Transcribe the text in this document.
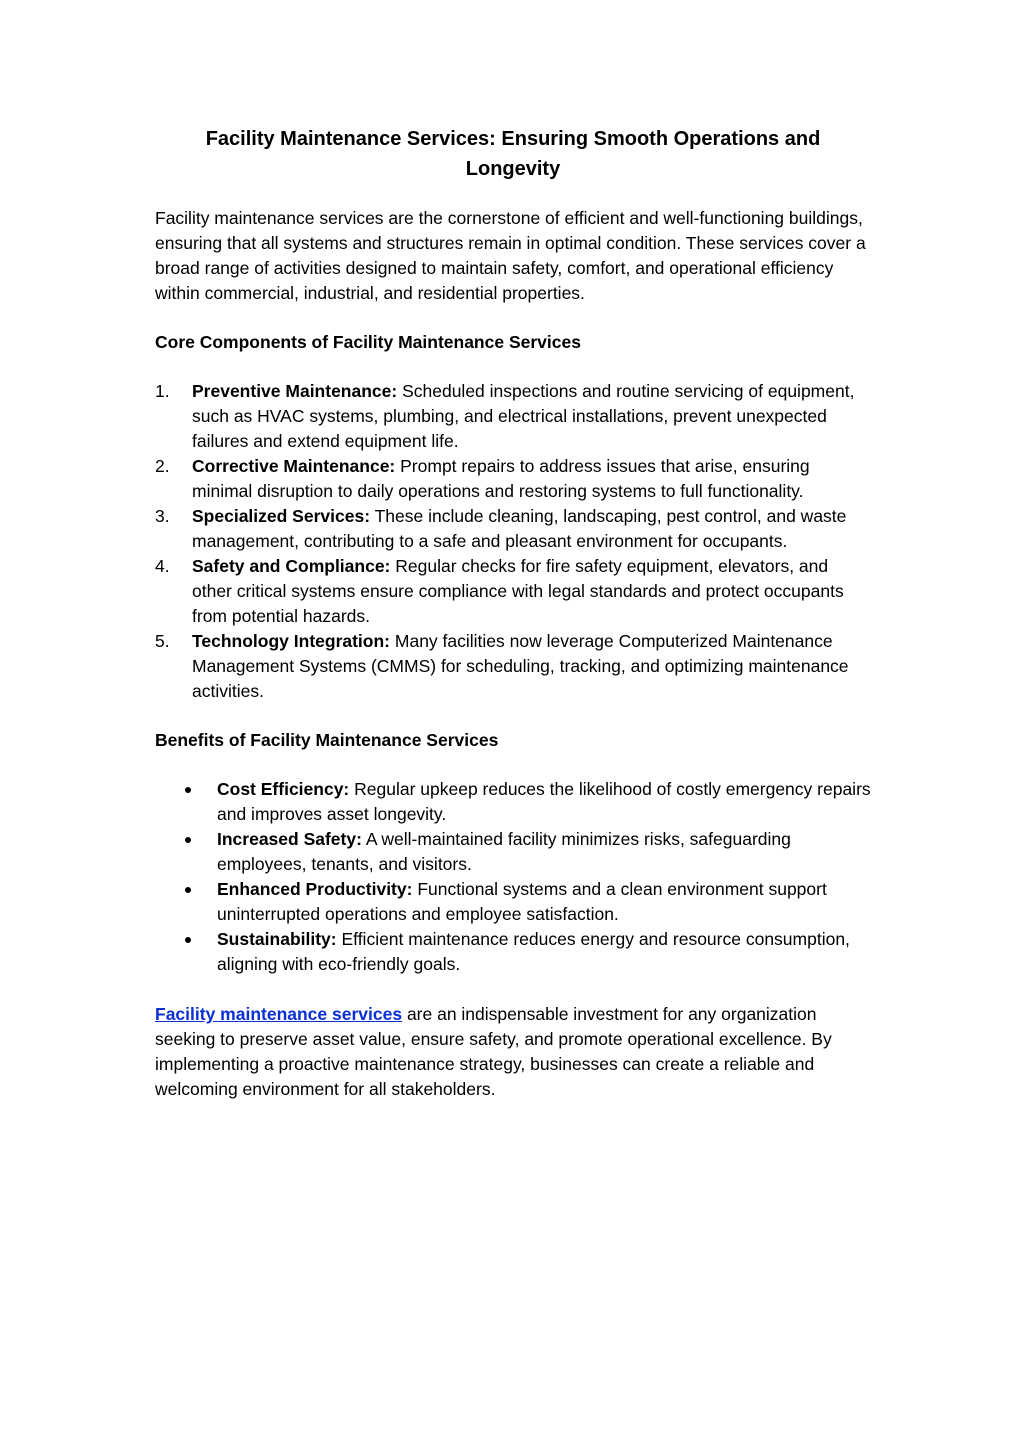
Facility Maintenance Services: Ensuring Smooth Operations and Longevity

Facility maintenance services are the cornerstone of efficient and well-functioning buildings, ensuring that all systems and structures remain in optimal condition. These services cover a broad range of activities designed to maintain safety, comfort, and operational efficiency within commercial, industrial, and residential properties.

Core Components of Facility Maintenance Services

1. Preventive Maintenance: Scheduled inspections and routine servicing of equipment, such as HVAC systems, plumbing, and electrical installations, prevent unexpected failures and extend equipment life.
2. Corrective Maintenance: Prompt repairs to address issues that arise, ensuring minimal disruption to daily operations and restoring systems to full functionality.
3. Specialized Services: These include cleaning, landscaping, pest control, and waste management, contributing to a safe and pleasant environment for occupants.
4. Safety and Compliance: Regular checks for fire safety equipment, elevators, and other critical systems ensure compliance with legal standards and protect occupants from potential hazards.
5. Technology Integration: Many facilities now leverage Computerized Maintenance Management Systems (CMMS) for scheduling, tracking, and optimizing maintenance activities.

Benefits of Facility Maintenance Services

Cost Efficiency: Regular upkeep reduces the likelihood of costly emergency repairs and improves asset longevity.
Increased Safety: A well-maintained facility minimizes risks, safeguarding employees, tenants, and visitors.
Enhanced Productivity: Functional systems and a clean environment support uninterrupted operations and employee satisfaction.
Sustainability: Efficient maintenance reduces energy and resource consumption, aligning with eco-friendly goals.

Facility maintenance services are an indispensable investment for any organization seeking to preserve asset value, ensure safety, and promote operational excellence. By implementing a proactive maintenance strategy, businesses can create a reliable and welcoming environment for all stakeholders.
